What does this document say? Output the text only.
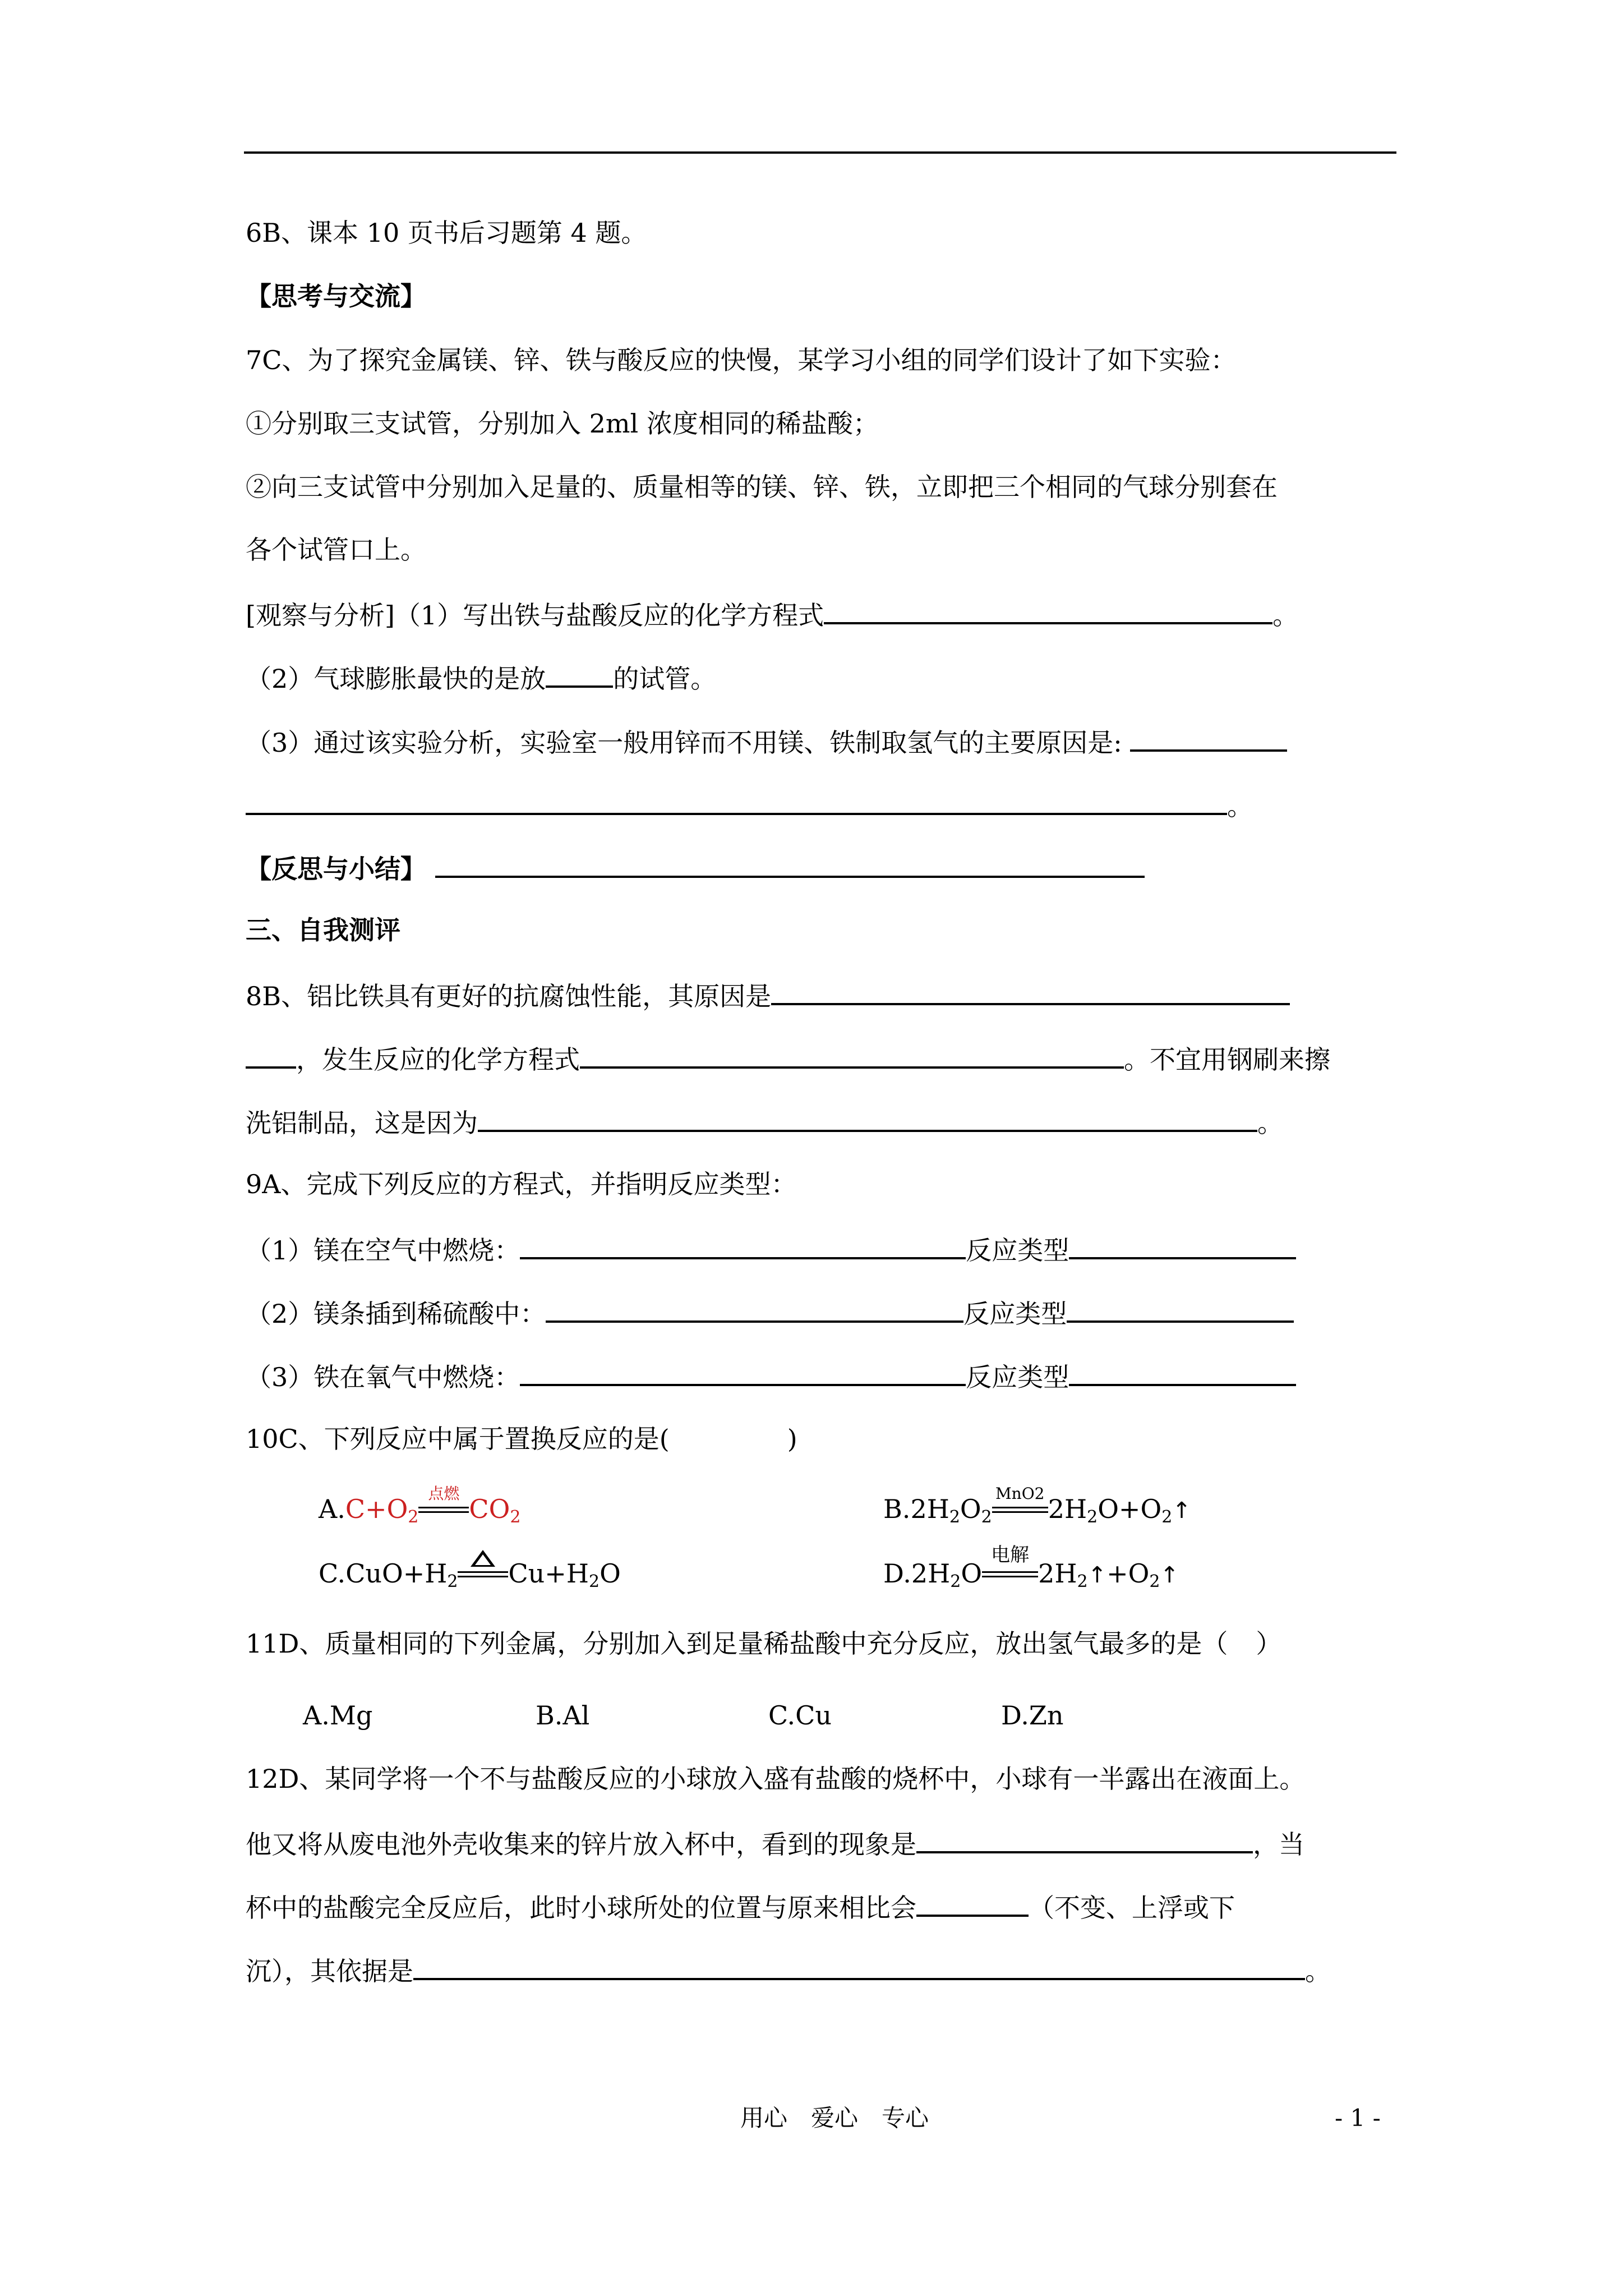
6B、课本 10 页书后习题第 4 题。
【思考与交流】
7C、为了探究金属镁、锌、铁与酸反应的快慢，某学习小组的同学们设计了如下实验：
①分别取三支试管，分别加入 2ml 浓度相同的稀盐酸；
②向三支试管中分别加入足量的、质量相等的镁、锌、铁，立即把三个相同的气球分别套在
各个试管口上。
[观察与分析]（1）写出铁与盐酸反应的化学方程式	。
（2）气球膨胀最快的是放	的试管。
（3）通过该实验分析，实验室一般用锌而不用镁、铁制取氢气的主要原因是:
。
【反思与小结】
三、自我测评
8B、铝比铁具有更好的抗腐蚀性能，其原因是
，发生反应的化学方程式	。不宜用钢刷来擦
洗铝制品，这是因为	。
9A、完成下列反应的方程式，并指明反应类型：
（1）镁在空气中燃烧：	反应类型
（2）镁条插到稀硫酸中：	反应类型
（3）铁在氧气中燃烧：	反应类型
10C、下列反应中属于置换反应的是(	)
$A.C+O_2$
点燃
$CO_2$	$B.2H_2O_2$
MnO2
$2H_2O+O_2↑$
$C.CuO+H_2$ $Cu+H_2O$	$D.2H_2O$
电解
$2H_2↑+O_2↑$
11D、质量相同的下列金属，分别加入到足量稀盐酸中充分反应，放出氢气最多的是（ ）
A.Mg	B.Al	C.Cu	D.Zn
12D、某同学将一个不与盐酸反应的小球放入盛有盐酸的烧杯中，小球有一半露出在液面上。
他又将从废电池外壳收集来的锌片放入杯中，看到的现象是	，当
杯中的盐酸完全反应后，此时小球所处的位置与原来相比会	（不变、上浮或下
沉），其依据是	。
用心　爱心　专心	- 1 -
